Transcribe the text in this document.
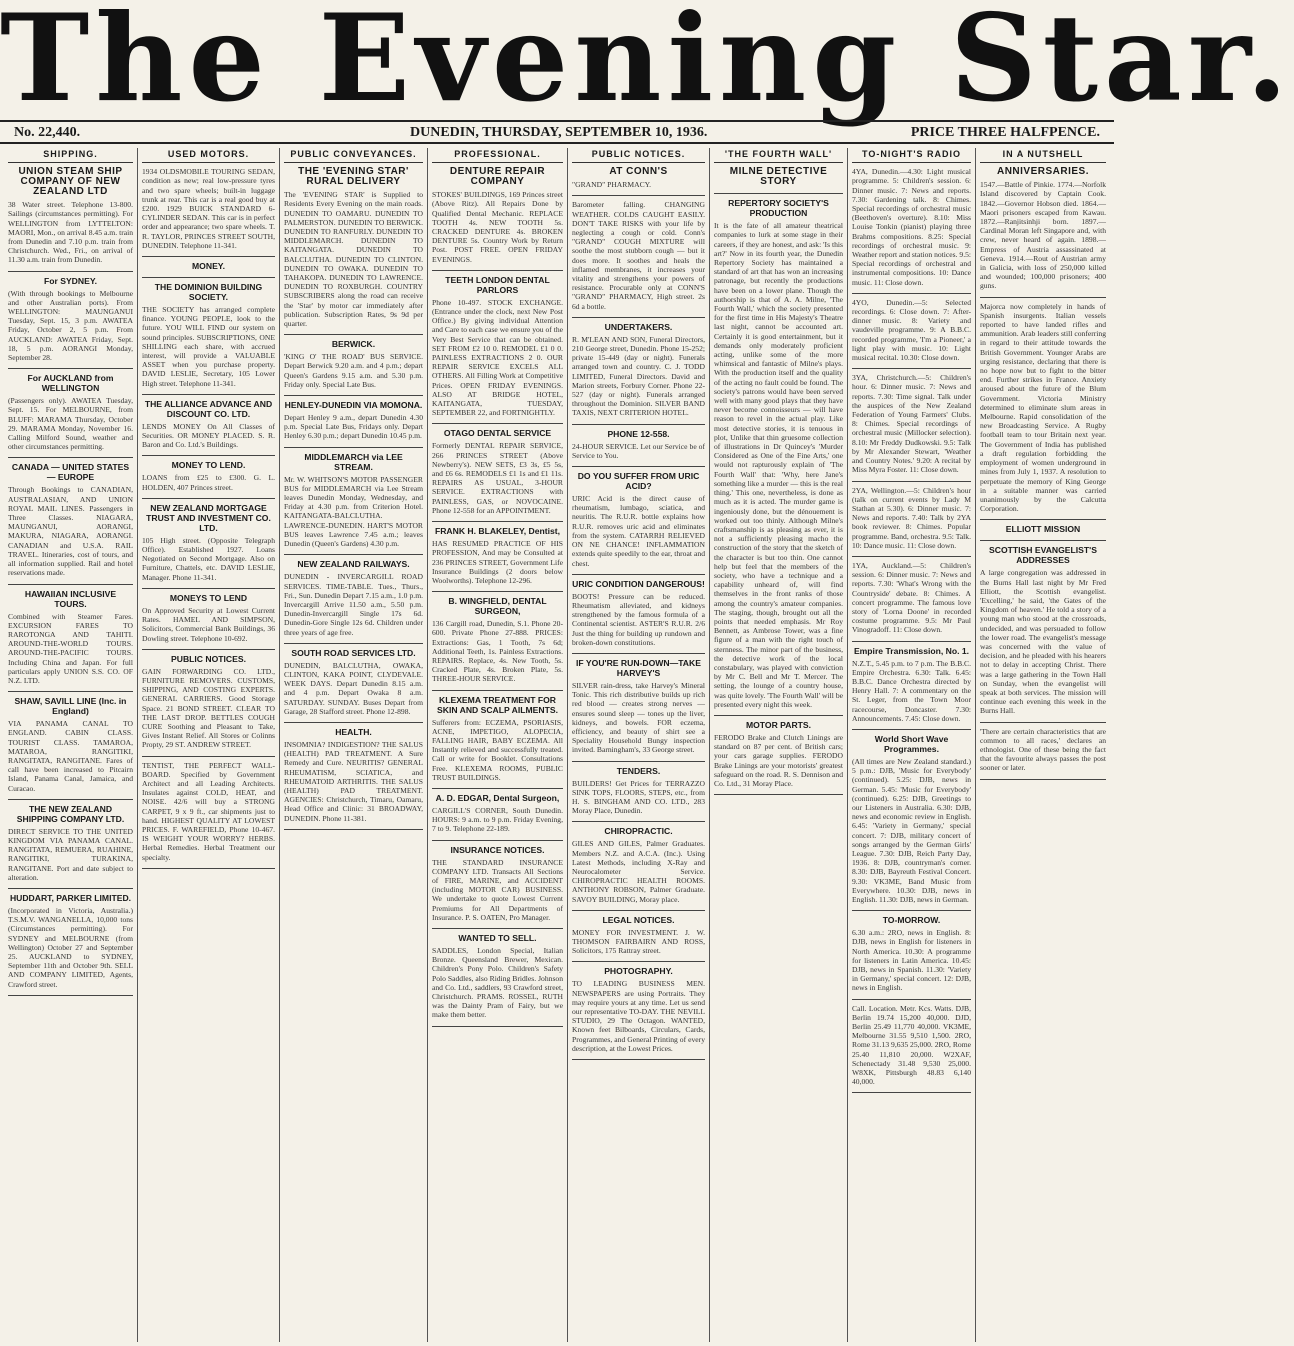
The Evening Star.
No. 22,440.	DUNEDIN, THURSDAY, SEPTEMBER 10, 1936.	PRICE THREE HALFPENCE.
SHIPPING.
UNION STEAM SHIP COMPANY OF NEW ZEALAND LTD
38 Water street. Telephone 13-800. Sailings (circumstances permitting). For WELLINGTON from LYTTELTON: MAORI, Mon., on arrival 8.45 a.m. train from Dunedin and 7.10 p.m. train from Christchurch. Wed., Fri., on arrival of 11.30 a.m. train from Dunedin.
For SYDNEY.
(With through bookings to Melbourne and other Australian ports). From WELLINGTON: MAUNGANUI Tuesday, Sept. 15, 3 p.m. AWATEA Friday, October 2, 5 p.m. From AUCKLAND: AWATEA Friday, Sept. 18, 5 p.m. AORANGI Monday, September 28.
For AUCKLAND from WELLINGTON
(Passengers only). AWATEA Tuesday, Sept. 15. For MELBOURNE, from BLUFF: MARAMA Thursday, October 29. MARAMA Monday, November 16. Calling Milford Sound, weather and other circumstances permitting.
CANADA — UNITED STATES — EUROPE
Through Bookings to CANADIAN, AUSTRALASIAN, AND UNION ROYAL MAIL LINES. Passengers in Three Classes. NIAGARA, MAUNGANUI, AORANGI, MAKURA, NIAGARA, AORANGI. CANADIAN and U.S.A. RAIL TRAVEL. Itineraries, cost of tours, and all information supplied. Rail and hotel reservations made.
HAWAIIAN INCLUSIVE TOURS.
Combined with Steamer Fares. EXCURSION FARES TO RAROTONGA AND TAHITI. AROUND-THE-WORLD TOURS. AROUND-THE-PACIFIC TOURS. Including China and Japan. For full particulars apply UNION S.S. CO. OF N.Z. LTD.
SHAW, SAVILL LINE (Inc. in England)
VIA PANAMA CANAL TO ENGLAND. CABIN CLASS. TOURIST CLASS. TAMAROA, MATAROA, RANGITIKI, RANGITATA, RANGITANE. Fares of call have been increased to Pitcairn Island, Panama Canal, Jamaica, and Curacao.
THE NEW ZEALAND SHIPPING COMPANY LTD.
DIRECT SERVICE TO THE UNITED KINGDOM VIA PANAMA CANAL. RANGITATA, REMUERA, RUAHINE, RANGITIKI, TURAKINA, RANGITANE. Port and date subject to alteration.
HUDDART, PARKER LIMITED.
(Incorporated in Victoria, Australia.) T.S.M.V. WANGANELLA, 10,000 tons (Circumstances permitting). For SYDNEY and MELBOURNE (from Wellington) October 27 and September 25. AUCKLAND to SYDNEY, September 11th and October 9th. SELL AND COMPANY LIMITED, Agents, Crawford street.
USED MOTORS.
1934 OLDSMOBILE TOURING SEDAN, condition as new; real low-pressure tyres and two spare wheels; built-in luggage trunk at rear. This car is a real good buy at £200. 1929 BUICK STANDARD 6-CYLINDER SEDAN. This car is in perfect order and appearance; two spare wheels. T. R. TAYLOR, PRINCES STREET SOUTH, DUNEDIN. Telephone 11-341.
MONEY.
THE DOMINION BUILDING SOCIETY.
THE SOCIETY has arranged complete finance. YOUNG PEOPLE, look to the future. YOU WILL FIND our system on sound principles. SUBSCRIPTIONS, ONE SHILLING each share, with accrued interest, will provide a VALUABLE ASSET when you purchase property. DAVID LESLIE, Secretary, 105 Lower High street. Telephone 11-341.
THE ALLIANCE ADVANCE AND DISCOUNT CO. LTD.
LENDS MONEY On All Classes of Securities. OR MONEY PLACED. S. R. Baron and Co. Ltd.'s Buildings.
MONEY TO LEND.
LOANS from £25 to £300. G. L. HOLDEN, 407 Princes street.
NEW ZEALAND MORTGAGE TRUST AND INVESTMENT CO. LTD.
105 High street. (Opposite Telegraph Office). Established 1927. Loans Negotiated on Second Mortgage. Also on Furniture, Chattels, etc. DAVID LESLIE, Manager. Phone 11-341.
MONEYS TO LEND
On Approved Security at Lowest Current Rates. HAMEL AND SIMPSON, Solicitors, Commercial Bank Buildings, 36 Dowling street. Telephone 10-692.
PUBLIC NOTICES.
GAIN FORWARDING CO. LTD., FURNITURE REMOVERS. CUSTOMS, SHIPPING, AND COSTING EXPERTS. GENERAL CARRIERS. Good Storage Space. 21 BOND STREET. CLEAR TO THE LAST DROP. BETTLES COUGH CURE Soothing and Pleasant to Take, Gives Instant Relief. All Stores or Colinns Propty, 29 ST. ANDREW STREET.
TENTIST, THE PERFECT WALL-BOARD. Specified by Government Architect and all Leading Architects. Insulates against COLD, HEAT, and NOISE. 42/6 will buy a STRONG CARPET, 9 x 9 ft., car shipments just to hand. HIGHEST QUALITY AT LOWEST PRICES. F. WAREFIELD, Phone 10-467. IS WEIGHT YOUR WORRY? HERBS. Herbal Remedies. Herbal Treatment our specialty.
PUBLIC CONVEYANCES.
THE 'EVENING STAR' RURAL DELIVERY
The 'EVENING STAR' is Supplied to Residents Every Evening on the main roads. DUNEDIN TO OAMARU. DUNEDIN TO PALMERSTON. DUNEDIN TO BERWICK. DUNEDIN TO RANFURLY. DUNEDIN TO MIDDLEMARCH. DUNEDIN TO KAITANGATA. DUNEDIN TO BALCLUTHA. DUNEDIN TO CLINTON. DUNEDIN TO OWAKA. DUNEDIN TO TAHAKOPA. DUNEDIN TO LAWRENCE. DUNEDIN TO ROXBURGH. COUNTRY SUBSCRIBERS along the road can receive the 'Star' by motor car immediately after publication. Subscription Rates, 9s 9d per quarter.
BERWICK.
'KING O' THE ROAD' BUS SERVICE. Depart Berwick 9.20 a.m. and 4 p.m.; depart Queen's Gardens 9.15 a.m. and 5.30 p.m. Friday only. Special Late Bus.
HENLEY-DUNEDIN VIA MOMONA.
Depart Henley 9 a.m., depart Dunedin 4.30 p.m. Special Late Bus, Fridays only. Depart Henley 6.30 p.m.; depart Dunedin 10.45 p.m.
MIDDLEMARCH via LEE STREAM.
Mr. W. WHITSON'S MOTOR PASSENGER BUS for MIDDLEMARCH via Lee Stream leaves Dunedin Monday, Wednesday, and Friday at 4.30 p.m. from Criterion Hotel. KAITANGATA-BALCLUTHA. LAWRENCE-DUNEDIN. HART'S MOTOR BUS leaves Lawrence 7.45 a.m.; leaves Dunedin (Queen's Gardens) 4.30 p.m.
NEW ZEALAND RAILWAYS.
DUNEDIN - INVERCARGILL ROAD SERVICES. TIME-TABLE. Tues., Thurs., Fri., Sun. Dunedin Depart 7.15 a.m., 1.0 p.m. Invercargill Arrive 11.50 a.m., 5.50 p.m. Dunedin-Invercargill Single 17s 6d. Dunedin-Gore Single 12s 6d. Children under three years of age free.
SOUTH ROAD SERVICES LTD.
DUNEDIN, BALCLUTHA, OWAKA, CLINTON, KAKA POINT, CLYDEVALE. WEEK DAYS. Depart Dunedin 8.15 a.m. and 4 p.m. Depart Owaka 8 a.m. SATURDAY. SUNDAY. Buses Depart from Garage, 28 Stafford street. Phone 12-898.
HEALTH.
INSOMNIA? INDIGESTION? THE SALUS (HEALTH) PAD TREATMENT. A Sure Remedy and Cure. NEURITIS? GENERAL RHEUMATISM, SCIATICA, and RHEUMATOID ARTHRITIS. THE SALUS (HEALTH) PAD TREATMENT. AGENCIES: Christchurch, Timaru, Oamaru, Head Office and Clinic: 31 BROADWAY, DUNEDIN. Phone 11-381.
PROFESSIONAL.
DENTURE REPAIR COMPANY
STOKES' BUILDINGS, 169 Princes street (Above Ritz). All Repairs Done by Qualified Dental Mechanic. REPLACE TOOTH 4s. NEW TOOTH 5s. CRACKED DENTURE 4s. BROKEN DENTURE 5s. Country Work by Return Post. POST FREE. OPEN FRIDAY EVENINGS.
TEETH LONDON DENTAL PARLORS
Phone 10-497. STOCK EXCHANGE. (Entrance under the clock, next New Post Office.) By giving individual Attention and Care to each case we ensure you of the Very Best Service that can be obtained. SET FROM £2 10 0. REMODEL £1 0 0. PAINLESS EXTRACTIONS 2 0. OUR REPAIR SERVICE EXCELS ALL OTHERS. All Filling Work at Competitive Prices. OPEN FRIDAY EVENINGS. ALSO AT BRIDGE HOTEL, KAITANGATA, TUESDAY, SEPTEMBER 22, and FORTNIGHTLY.
OTAGO DENTAL SERVICE
Formerly DENTAL REPAIR SERVICE, 266 PRINCES STREET (Above Newberry's). NEW SETS, £3 3s, £5 5s, and £6 6s. REMODELS £1 1s and £1 11s. REPAIRS AS USUAL, 3-HOUR SERVICE. EXTRACTIONS with PAINLESS, GAS, or NOVOCAINE. Phone 12-558 for an APPOINTMENT.
FRANK H. BLAKELEY, Dentist,
HAS RESUMED PRACTICE OF HIS PROFESSION, And may be Consulted at 236 PRINCES STREET, Government Life Insurance Buildings (2 doors below Woolworths). Telephone 12-296.
B. WINGFIELD, DENTAL SURGEON,
136 Cargill road, Dunedin, S.1. Phone 20-600. Private Phone 27-888. PRICES: Extractions: Gas, 1 Tooth, 7s 6d; Additional Teeth, 1s. Painless Extractions. REPAIRS. Replace, 4s. New Tooth, 5s. Cracked Plate, 4s. Broken Plate, 5s. THREE-HOUR SERVICE.
KLEXEMA TREATMENT FOR SKIN AND SCALP AILMENTS.
Sufferers from: ECZEMA, PSORIASIS, ACNE, IMPETIGO, ALOPECIA, FALLING HAIR, BABY ECZEMA. All Instantly relieved and successfully treated. Call or write for Booklet. Consultations Free. KLEXEMA ROOMS, PUBLIC TRUST BUILDINGS.
A. D. EDGAR, Dental Surgeon,
CARGILL'S CORNER, South Dunedin. HOURS: 9 a.m. to 9 p.m. Friday Evening, 7 to 9. Telephone 22-189.
INSURANCE NOTICES.
THE STANDARD INSURANCE COMPANY LTD. Transacts All Sections of FIRE, MARINE, and ACCIDENT (including MOTOR CAR) BUSINESS. We undertake to quote Lowest Current Premiums for All Departments of Insurance. P. S. OATEN, Pro Manager.
WANTED TO SELL.
SADDLES, London Special, Italian Bronze. Queensland Brewer, Mexican. Children's Pony Polo. Children's Safety Polo Saddles, also Riding Bridles. Johnson and Co. Ltd., saddlers, 93 Crawford street, Christchurch. PRAMS. ROSSEL, RUTH was the Dainty Pram of Fairy, but we make them better.
PUBLIC NOTICES.
AT CONN'S
"GRAND" PHARMACY.
Barometer falling. CHANGING WEATHER. COLDS CAUGHT EASILY. DON'T TAKE RISKS with your life by neglecting a cough or cold. Conn's "GRAND" COUGH MIXTURE will soothe the most stubborn cough — but it does more. It soothes and heals the inflamed membranes, it increases your vitality and strengthens your powers of resistance. Procurable only at CONN'S "GRAND" PHARMACY, High street. 2s 6d a bottle.
UNDERTAKERS.
R. M'LEAN AND SON, Funeral Directors, 210 George street, Dunedin. Phone 15-252; private 15-449 (day or night). Funerals arranged town and country. C. J. TODD LIMITED, Funeral Directors. David and Marion streets, Forbury Corner. Phone 22-527 (day or night). Funerals arranged throughout the Dominion. SILVER BAND TAXIS, NEXT CRITERION HOTEL.
PHONE 12-558.
24-HOUR SERVICE. Let our Service be of Service to You.
DO YOU SUFFER FROM URIC ACID?
URIC Acid is the direct cause of rheumatism, lumbago, sciatica, and neuritis. The R.U.R. bottle explains how R.U.R. removes uric acid and eliminates from the system. CATARRH RELIEVED ON NE CHANCE! INFLAMMATION extends quite speedily to the ear, throat and chest.
URIC CONDITION DANGEROUS!
BOOTS! Pressure can be reduced. Rheumatism alleviated, and kidneys strengthened by the famous formula of a Continental scientist. ASTER'S R.U.R. 2/6 Just the thing for building up rundown and broken-down constitutions.
IF YOU'RE RUN-DOWN—TAKE HARVEY'S
SILVER rain-dress, take Harvey's Mineral Tonic. This rich distributive builds up rich red blood — creates strong nerves — ensures sound sleep — tones up the liver, kidneys, and bowels. FOR eczema, efficiency, and beauty of shirt see a Speciality Household Bungy inspection invited. Barningham's, 33 George street.
TENDERS.
BUILDERS! Get Prices for TERRAZZO SINK TOPS, FLOORS, STEPS, etc., from H. S. BINGHAM AND CO. LTD., 283 Moray Place, Dunedin.
CHIROPRACTIC.
GILES AND GILES, Palmer Graduates. Members N.Z. and A.C.A. (Inc.). Using Latest Methods, including X-Ray and Neurocalometer Service. CHIROPRACTIC HEALTH ROOMS. ANTHONY ROBSON, Palmer Graduate. SAVOY BUILDING, Moray place.
LEGAL NOTICES.
MONEY FOR INVESTMENT. J. W. THOMSON FAIRBAIRN AND ROSS, Solicitors, 175 Rattray street.
PHOTOGRAPHY.
TO LEADING BUSINESS MEN. NEWSPAPERS are using Portraits. They may require yours at any time. Let us send our representative TO-DAY. THE NEVILL STUDIO, 29 The Octagon. WANTED, Known feet Bilboards, Circulars, Cards, Programmes, and General Printing of every description, at the Lowest Prices.
'THE FOURTH WALL'
MILNE DETECTIVE STORY
REPERTORY SOCIETY'S PRODUCTION
It is the fate of all amateur theatrical companies to lurk at some stage in their careers, if they are honest, and ask: 'Is this art?' Now in its fourth year, the Dunedin Repertory Society has maintained a standard of art that has won an increasing patronage, but recently the productions have been on a lower plane. Though the authorship is that of A. A. Milne, 'The Fourth Wall,' which the society presented for the first time in His Majesty's Theatre last night, cannot be accounted art. Certainly it is good entertainment, but it demands only moderately proficient acting, unlike some of the more whimsical and fantastic of Milne's plays. With the production itself and the quality of the acting no fault could be found. The society's patrons would have been served well with many good plays that they have never become connoisseurs — will have reason to revel in the actual play. Like most detective stories, it is tenuous in plot, Unlike that thin gruesome collection of illustrations in Dr Quincey's 'Murder Considered as One of the Fine Arts,' one would not rapturously explain of 'The Fourth Wall' that: 'Why, here Jane's something like a murder — this is the real thing.' This one, nevertheless, is done as much as it is acted. The murder game is ingeniously done, but the dénouement is worked out too thinly. Although Milne's craftsmanship is as pleasing as ever, it is not a sufficiently pleasing macho the construction of the story that the sketch of the character is but too thin. One cannot help but feel that the members of the society, who have a technique and a capability unheard of, will find themselves in the front ranks of those among the country's amateur companies. The staging, though, brought out all the points that needed emphasis. Mr Roy Bennett, as Ambrose Tower, was a fine figure of a man with the right touch of sternness. The minor part of the business, the detective work of the local constabulary, was played with conviction by Mr C. Bell and Mr T. Mercer. The setting, the lounge of a country house, was quite lovely. 'The Fourth Wall' will be presented every night this week.
MOTOR PARTS.
FERODO Brake and Clutch Linings are standard on 87 per cent. of British cars; your cars garage supplies. FERODO Brake Linings are your motorists' greatest safeguard on the road. R. S. Dennison and Co. Ltd., 31 Moray Place.
TO-NIGHT'S RADIO
4YA, Dunedin.—4.30: Light musical programme. 5: Children's session. 6: Dinner music. 7: News and reports. 7.30: Gardening talk. 8: Chimes. Special recordings of orchestral music (Beethoven's overture). 8.10: Miss Louise Tonkin (pianist) playing three Brahms compositions. 8.25: Special recordings of orchestral music. 9: Weather report and station notices. 9.5: Special recordings of orchestral and instrumental compositions. 10: Dance music. 11: Close down.
4YO, Dunedin.—5: Selected recordings. 6: Close down. 7: After-dinner music. 8: Variety and vaudeville programme. 9: A B.B.C. recorded programme, 'I'm a Pioneer,' a light play with music. 10: Light musical recital. 10.30: Close down.
3YA, Christchurch.—5: Children's hour. 6: Dinner music. 7: News and reports. 7.30: Time signal. Talk under the auspices of the New Zealand Federation of Young Farmers' Clubs. 8: Chimes. Special recordings of orchestral music (Millocker selection). 8.10: Mr Freddy Dudkowski. 9.5: Talk by Mr Alexander Stewart, 'Weather and Country Notes.' 9.20: A recital by Miss Myra Foster. 11: Close down.
2YA, Wellington.—5: Children's hour (talk on current events by Lady M Stathan at 5.30). 6: Dinner music. 7: News and reports. 7.40: Talk by 2YA book reviewer. 8: Chimes. Popular programme. Band, orchestra. 9.5: Talk. 10: Dance music. 11: Close down.
1YA, Auckland.—5: Children's session. 6: Dinner music. 7: News and reports. 7.30: 'What's Wrong with the Countryside' debate. 8: Chimes. A concert programme. The famous love story of 'Lorna Doone' in recorded costume programme. 9.5: Mr Paul Vinogradoff. 11: Close down.
Empire Transmission, No. 1.
N.Z.T., 5.45 p.m. to 7 p.m. The B.B.C. Empire Orchestra. 6.30: Talk. 6.45: B.B.C. Dance Orchestra directed by Henry Hall. 7: A commentary on the St. Leger, from the Town Moor racecourse, Doncaster. 7.30: Announcements. 7.45: Close down.
World Short Wave Programmes.
(All times are New Zealand standard.) 5 p.m.: DJB, 'Music for Everybody' (continued). 5.25: DJB, news in German. 5.45: 'Music for Everybody' (continued). 6.25: DJB, Greetings to our Listeners in Australia. 6.30: DJB, news and economic review in English. 6.45: 'Variety in Germany,' special concert. 7: DJB, military concert of songs arranged by the German Girls' League. 7.30: DJB, Reich Party Day, 1936. 8: DJB, countryman's corner. 8.30: DJB, Bayreuth Festival Concert. 9.30: VK3ME, Band Music from Everywhere. 10.30: DJB, news in English. 11.30: DJB, news in German.
TO-MORROW.
6.30 a.m.: 2RO, news in English. 8: DJB, news in English for listeners in North America. 10.30: A programme for listeners in Latin America. 10.45: DJB, news in Spanish. 11.30: 'Variety in Germany,' special concert. 12: DJB, news in English.
Call. Location. Metr. Kcs. Watts. DJB, Berlin 19.74 15,200 40,000. DJD, Berlin 25.49 11,770 40,000. VK3ME, Melbourne 31.55 9,510 1,500. 2RO, Rome 31.13 9,635 25,000. 2RO, Rome 25.40 11,810 20,000. W2XAF, Schenectady 31.48 9,530 25,000. W8XK, Pittsburgh 48.83 6,140 40,000.
IN A NUTSHELL
ANNIVERSARIES.
1547.—Battle of Pinkie. 1774.—Norfolk Island discovered by Captain Cook. 1842.—Governor Hobson died. 1864.—Maori prisoners escaped from Kawau. 1872.—Ranjitsinhji born. 1897.—Cardinal Moran left Singapore and, with crew, never heard of again. 1898.—Empress of Austria assassinated at Geneva. 1914.—Rout of Austrian army in Galicia, with loss of 250,000 killed and wounded; 100,000 prisoners; 400 guns.
Majorca now completely in hands of Spanish insurgents. Italian vessels reported to have landed rifles and ammunition. Arab leaders still conferring in regard to their attitude towards the British Government. Younger Arabs are urging resistance, declaring that there is no hope now but to fight to the bitter end. Further strikes in France. Anxiety aroused about the future of the Blum Government. Victoria Ministry determined to eliminate slum areas in Melbourne. Rapid consolidation of the new Broadcasting Service. A Rugby football team to tour Britain next year. The Government of India has published a draft regulation forbidding the employment of women underground in mines from July 1, 1937. A resolution to perpetuate the memory of King George in a suitable manner was carried unanimously by the Calcutta Corporation.
ELLIOTT MISSION
SCOTTISH EVANGELIST'S ADDRESSES
A large congregation was addressed in the Burns Hall last night by Mr Fred Elliott, the Scottish evangelist. 'Excelling,' he said, 'the Gates of the Kingdom of heaven.' He told a story of a young man who stood at the crossroads, undecided, and was persuaded to follow the lower road. The evangelist's message was concerned with the value of decision, and he pleaded with his hearers not to delay in accepting Christ. There was a large gathering in the Town Hall on Sunday, when the evangelist will speak at both services. The mission will continue each evening this week in the Burns Hall.
'There are certain characteristics that are common to all races,' declares an ethnologist. One of these being the fact that the favourite always passes the post sooner or later.
